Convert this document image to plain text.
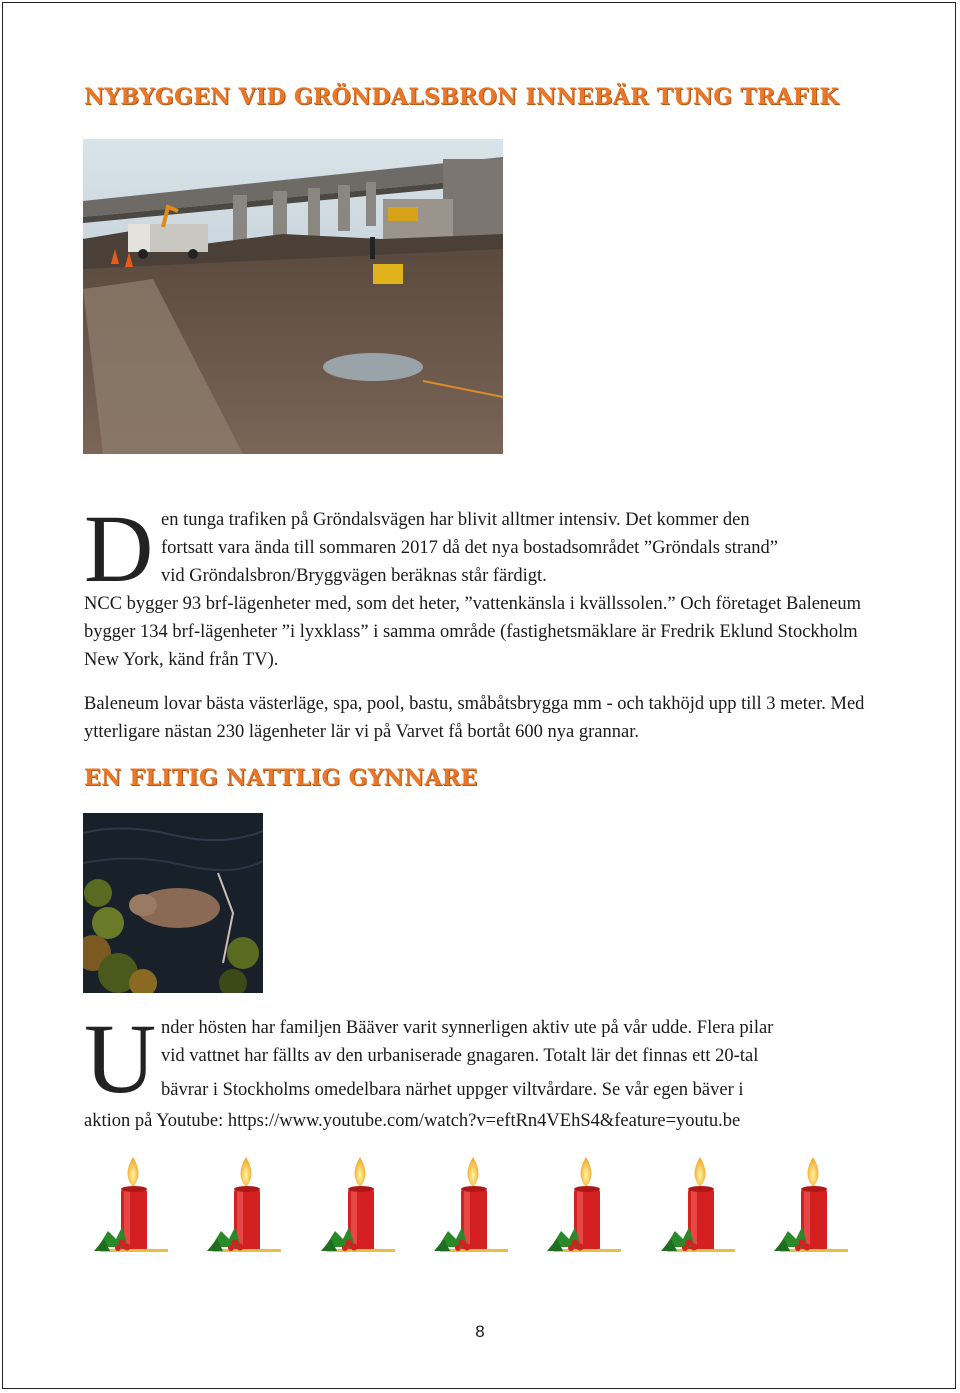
NYBYGGEN VID GRÖNDALSBRON INNEBÄR TUNG TRAFIK
D en tunga trafiken på Gröndalsvägen har blivit alltmer intensiv. Det kommer den
fortsatt vara ända till sommaren 2017 då det nya bostadsområdet ”Gröndals strand”
vid Gröndalsbron/Bryggvägen beräknas står färdigt.

NCC bygger 93 brf-lägenheter med, som det heter, ”vattenkänsla i kvällssolen.” Och företaget Baleneum bygger 134 brf-lägenheter ”i lyxklass” i samma område (fastighetsmäklare är Fredrik Eklund Stockholm New York, känd från TV).

Baleneum lovar bästa västerläge, spa, pool, bastu, småbåtsbrygga mm - och takhöjd upp till 3 meter. Med ytterligare nästan 230 lägenheter lär vi på Varvet få bortåt 600 nya grannar.

EN FLITIG NATTLIG GYNNARE
U nder hösten har familjen Bääver varit synnerligen aktiv ute på vår udde. Flera pilar
vid vattnet har fällts av den urbaniserade gnagaren. Totalt lär det finnas ett 20-tal
bävrar i Stockholms omedelbara närhet uppger viltvårdare. Se vår egen bäver i
aktion på Youtube: https://www.youtube.com/watch?v=eftRn4VEhS4&feature=youtu.be
8
